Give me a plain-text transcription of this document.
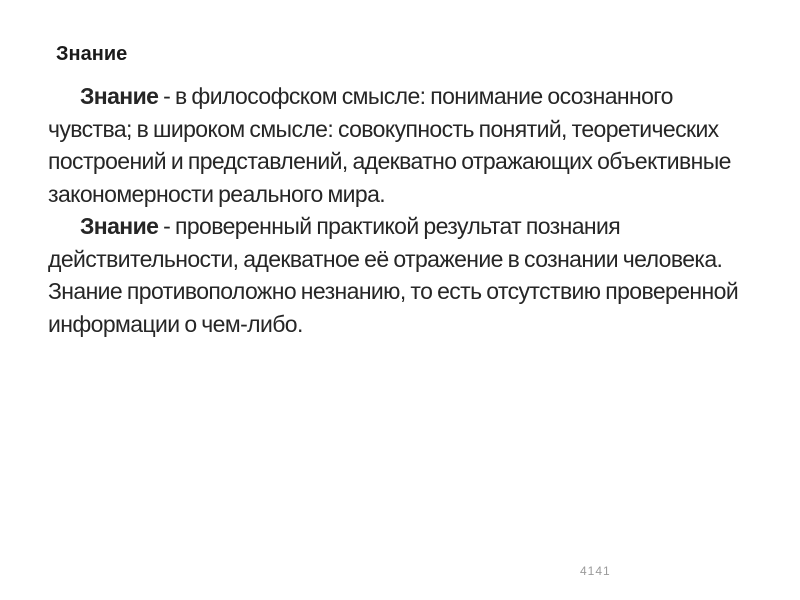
Знание

Знание - в философском смысле: понимание осознанного чувства; в широком смысле: совокупность понятий, теоретических построений и представлений, адекватно отражающих объективные закономерности реального мира.

Знание - проверенный практикой результат познания действительности, адекватное её отражение в сознании человека. Знание противоположно незнанию, то есть отсутствию проверенной информации о чем-либо.

4141
